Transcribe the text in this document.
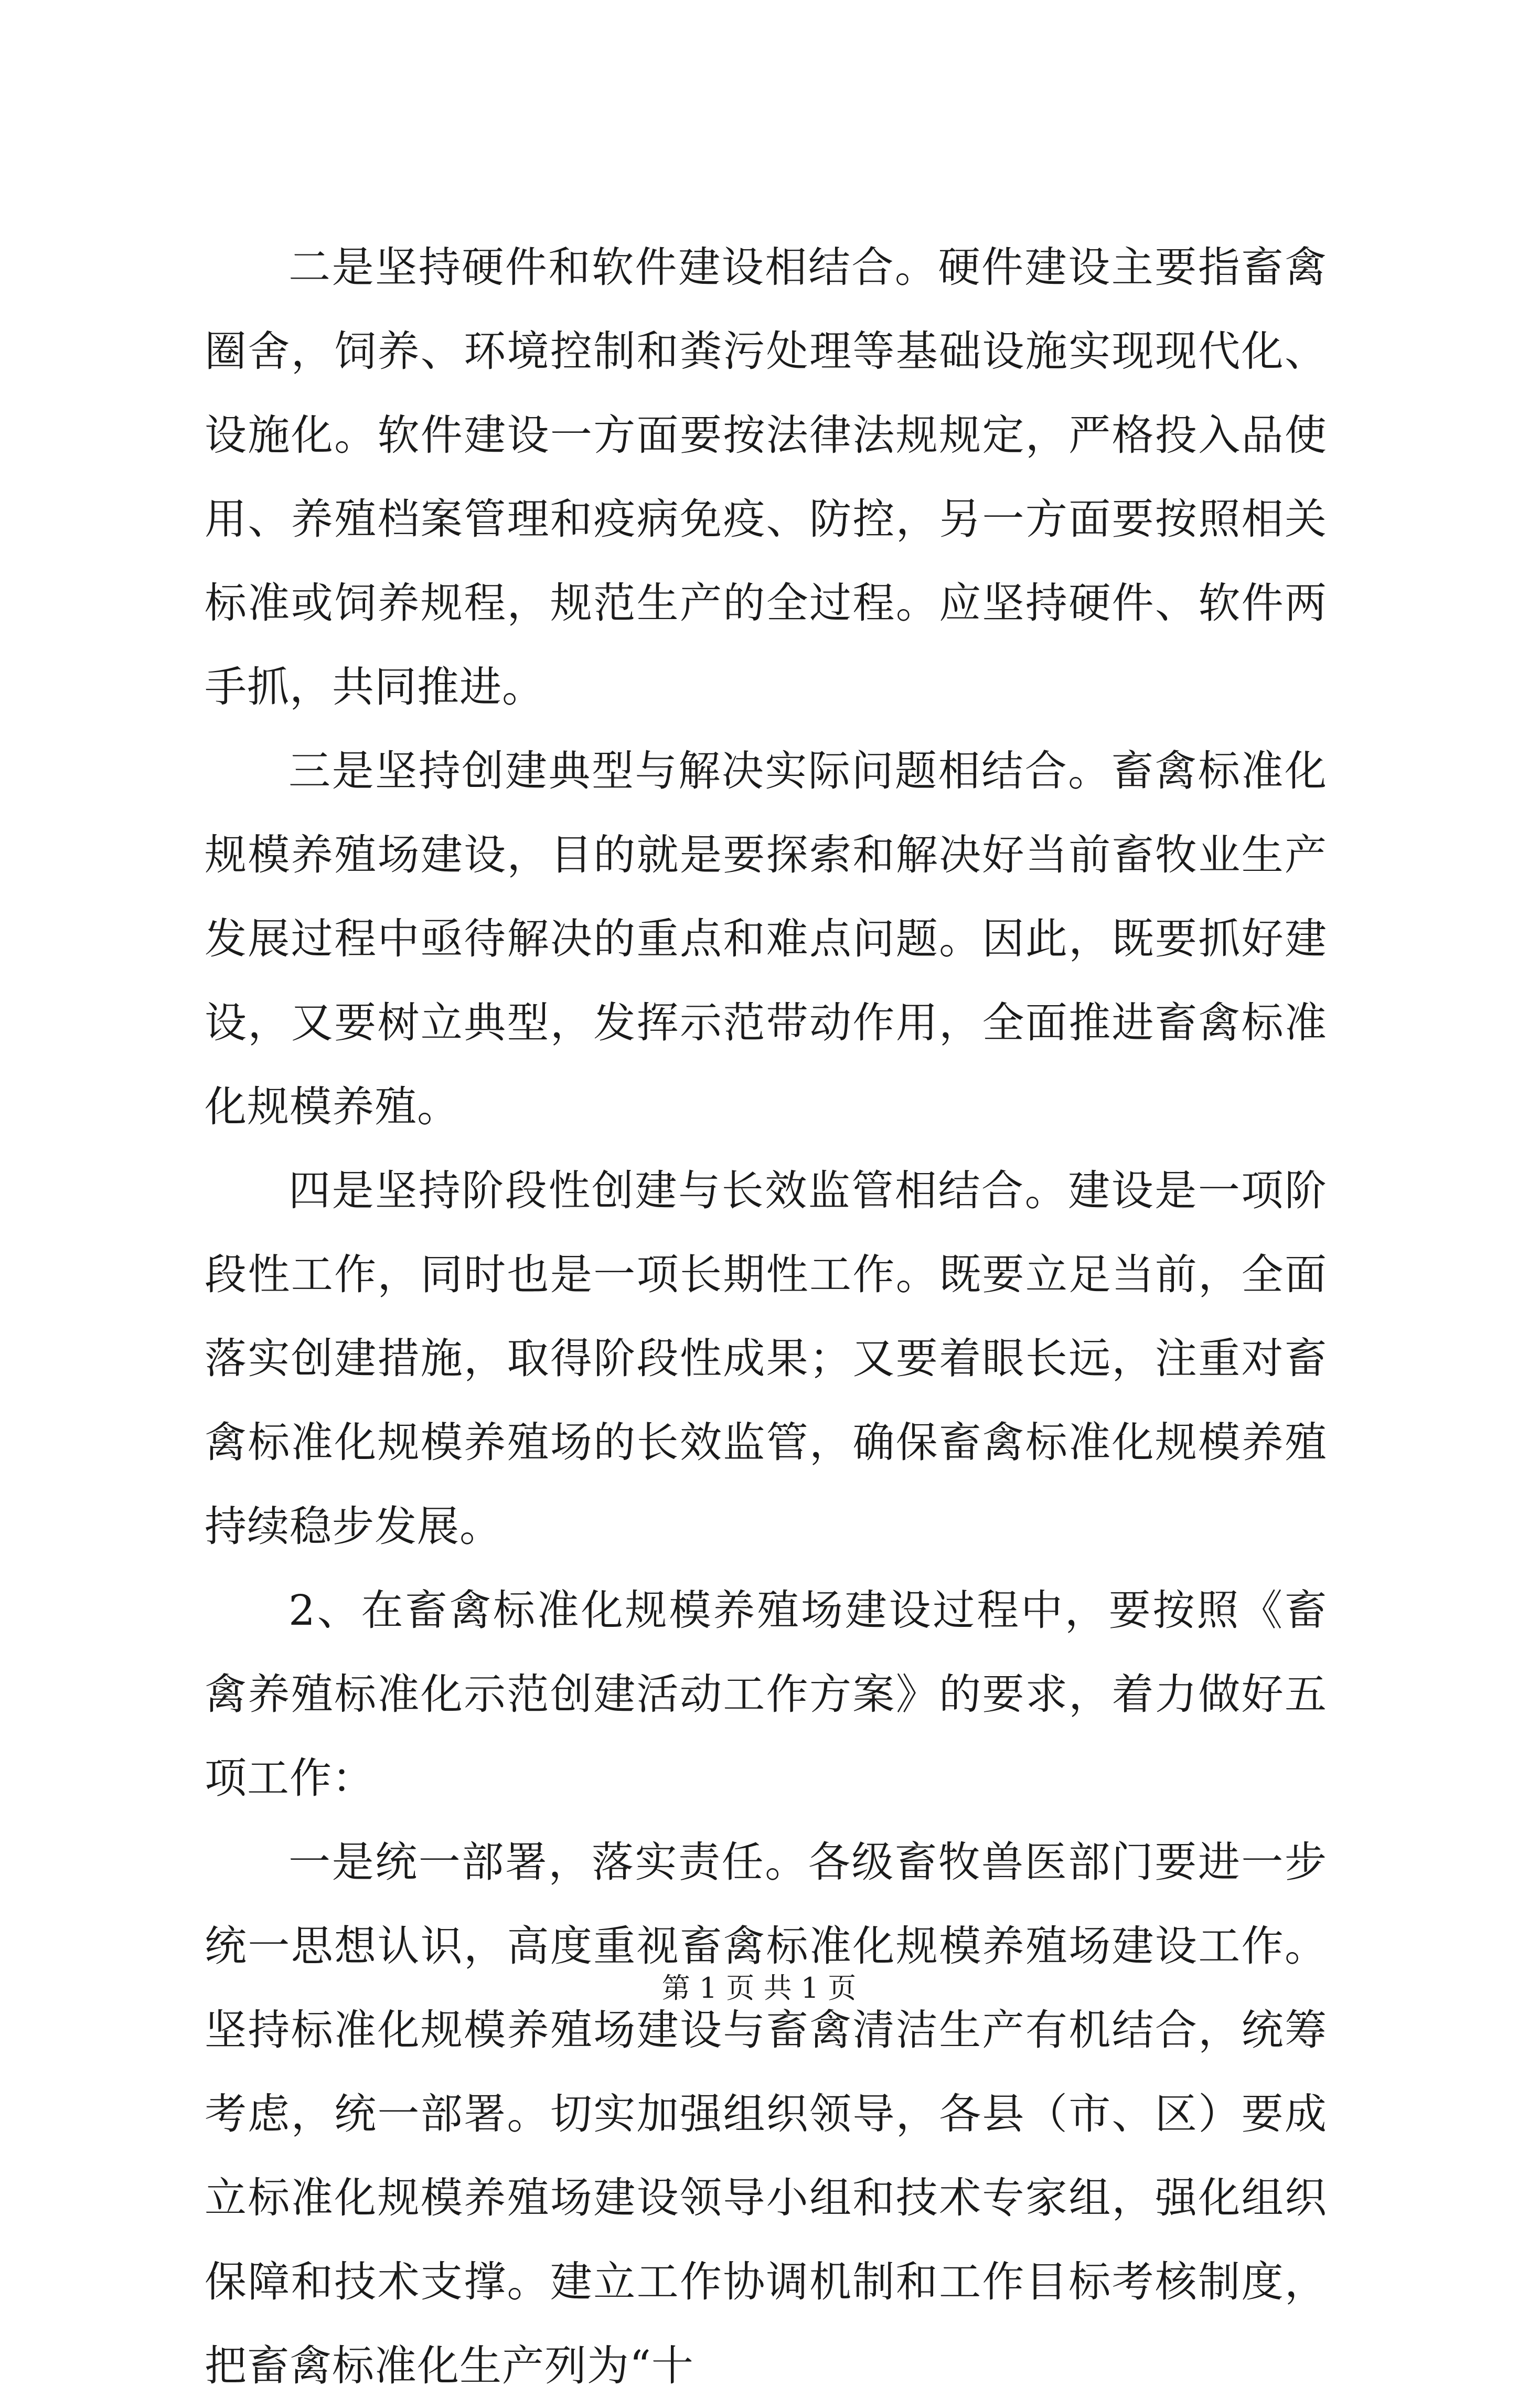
二是坚持硬件和软件建设相结合。硬件建设主要指畜禽圈舍，饲养、环境控制和粪污处理等基础设施实现现代化、设施化。软件建设一方面要按法律法规规定，严格投入品使用、养殖档案管理和疫病免疫、防控，另一方面要按照相关标准或饲养规程，规范生产的全过程。应坚持硬件、软件两手抓，共同推进。

三是坚持创建典型与解决实际问题相结合。畜禽标准化规模养殖场建设，目的就是要探索和解决好当前畜牧业生产发展过程中亟待解决的重点和难点问题。因此，既要抓好建设，又要树立典型，发挥示范带动作用，全面推进畜禽标准化规模养殖。

四是坚持阶段性创建与长效监管相结合。建设是一项阶段性工作，同时也是一项长期性工作。既要立足当前，全面落实创建措施，取得阶段性成果；又要着眼长远，注重对畜禽标准化规模养殖场的长效监管，确保畜禽标准化规模养殖持续稳步发展。

2、在畜禽标准化规模养殖场建设过程中，要按照《畜禽养殖标准化示范创建活动工作方案》的要求，着力做好五项工作：

一是统一部署，落实责任。各级畜牧兽医部门要进一步统一思想认识，高度重视畜禽标准化规模养殖场建设工作。坚持标准化规模养殖场建设与畜禽清洁生产有机结合，统筹考虑，统一部署。切实加强组织领导，各县（市、区）要成立标准化规模养殖场建设领导小组和技术专家组，强化组织保障和技术支撑。建立工作协调机制和工作目标考核制度，把畜禽标准化生产列为“十

第 1 页 共 1 页
